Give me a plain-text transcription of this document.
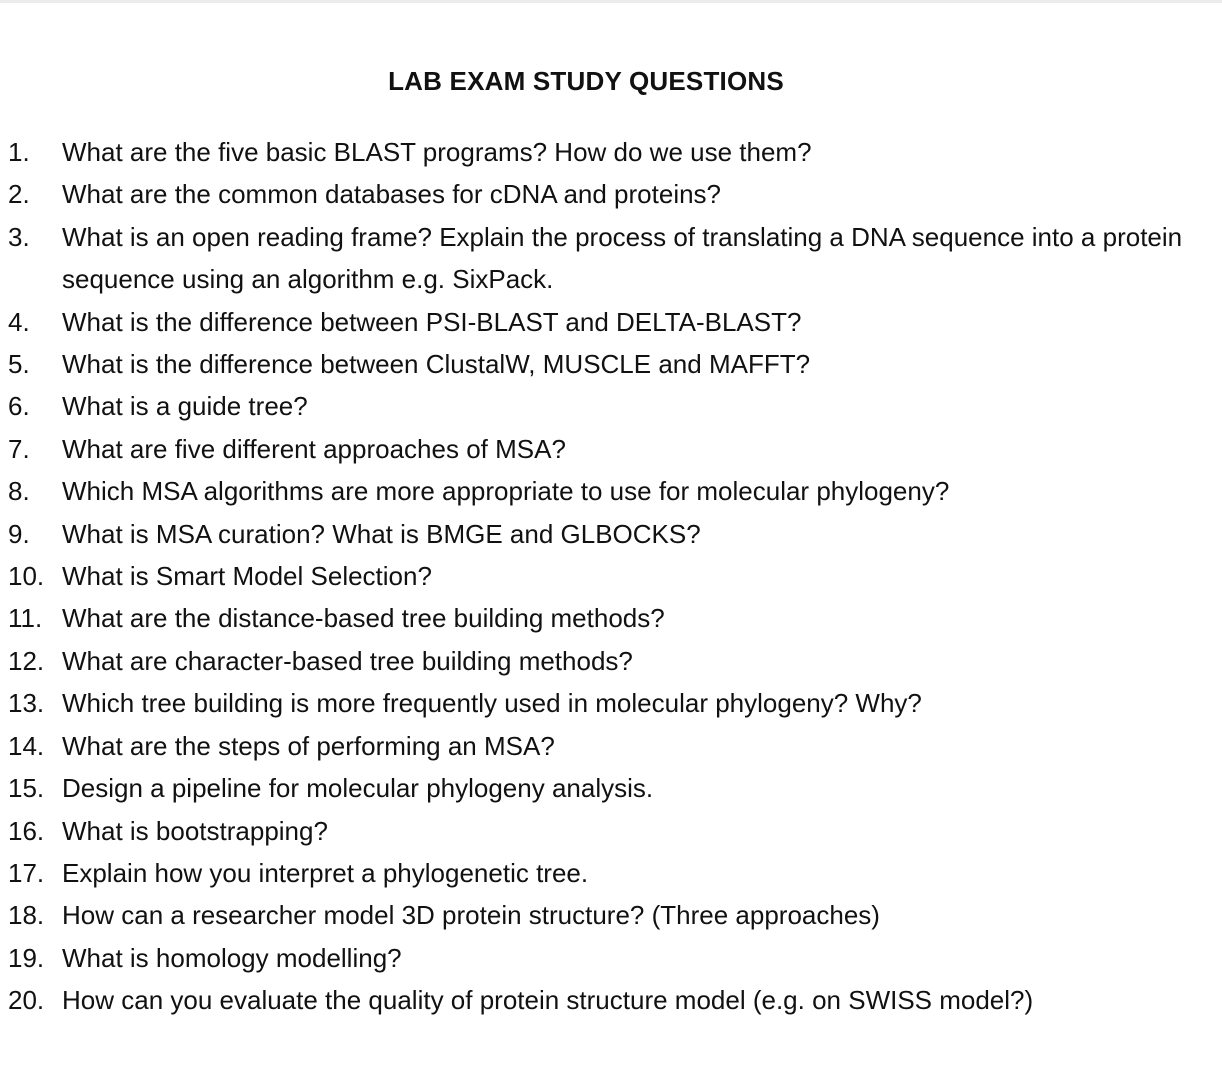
LAB EXAM STUDY QUESTIONS
1.	What are the five basic BLAST programs? How do we use them?
2.	What are the common databases for cDNA and proteins?
3.	What is an open reading frame? Explain the process of translating a DNA sequence into a protein sequence using an algorithm e.g. SixPack.
4.	What is the difference between PSI-BLAST and DELTA-BLAST?
5.	What is the difference between ClustalW, MUSCLE and MAFFT?
6.	What is a guide tree?
7.	What are five different approaches of MSA?
8.	Which MSA algorithms are more appropriate to use for molecular phylogeny?
9.	What is MSA curation? What is BMGE and GLBOCKS?
10. What is Smart Model Selection?
11. What are the distance-based tree building methods?
12. What are character-based tree building methods?
13. Which tree building is more frequently used in molecular phylogeny? Why?
14. What are the steps of performing an MSA?
15. Design a pipeline for molecular phylogeny analysis.
16. What is bootstrapping?
17. Explain how you interpret a phylogenetic tree.
18. How can a researcher model 3D protein structure? (Three approaches)
19. What is homology modelling?
20. How can you evaluate the quality of protein structure model (e.g. on SWISS model?)
